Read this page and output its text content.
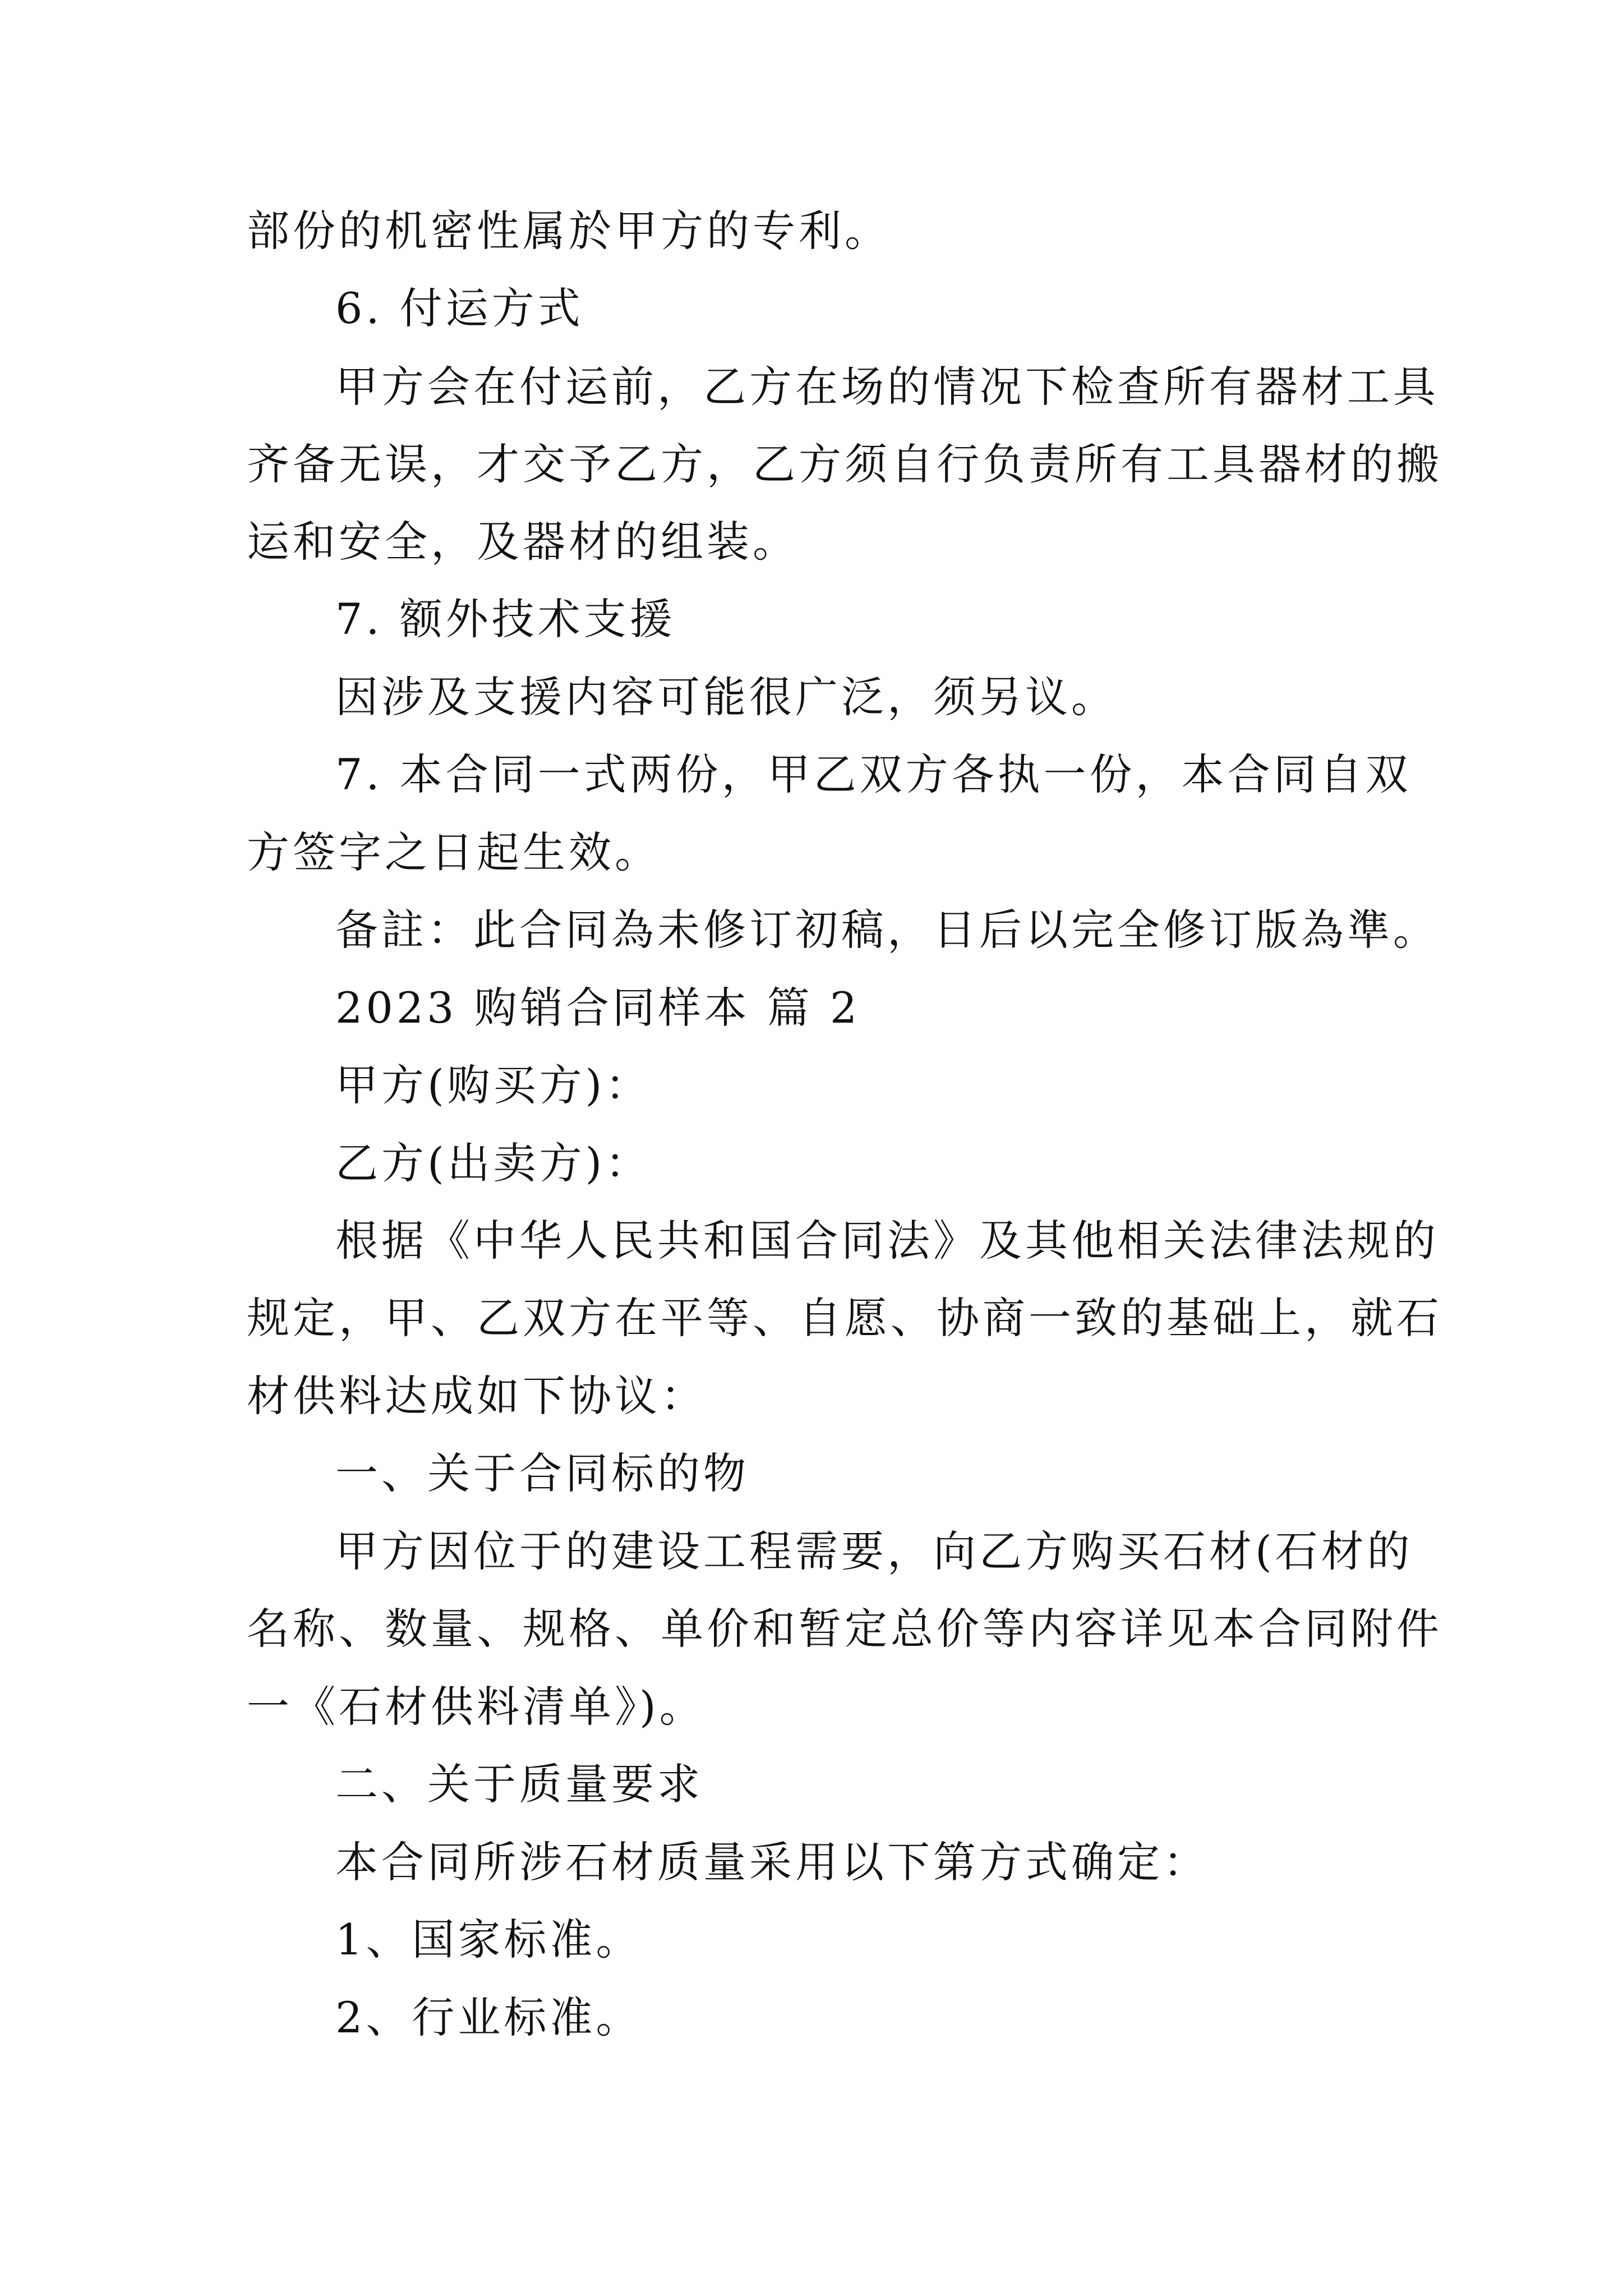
部份的机密性属於甲方的专利。
6. 付运方式
甲方会在付运前，乙方在场的情况下检查所有器材工具
齐备无误，才交予乙方，乙方须自行负责所有工具器材的搬
运和安全，及器材的组装。
7. 额外技术支援
因涉及支援内容可能很广泛，须另议。
7. 本合同一式两份，甲乙双方各执一份，本合同自双
方签字之日起生效。
备註：此合同為未修订初稿，日后以完全修订版為準。
2023 购销合同样本 篇 2
甲方(购买方)：
乙方(出卖方)：
根据《中华人民共和国合同法》及其他相关法律法规的
规定，甲、乙双方在平等、自愿、协商一致的基础上，就石
材供料达成如下协议：
一、关于合同标的物
甲方因位于的建设工程需要，向乙方购买石材(石材的
名称、数量、规格、单价和暂定总价等内容详见本合同附件
一《石材供料清单》)。
二、关于质量要求
本合同所涉石材质量采用以下第方式确定：
1、国家标准。
2、行业标准。
